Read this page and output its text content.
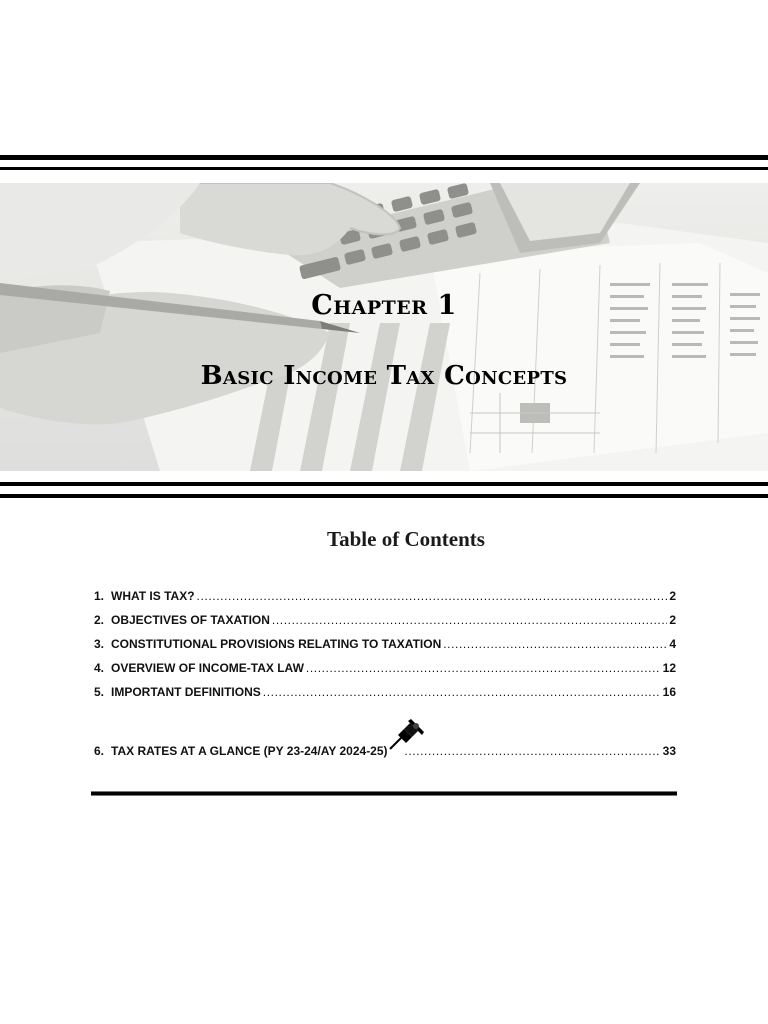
Chapter 1
Basic Income Tax Concepts
Table of Contents
1. WHAT IS TAX? .....	2
2. OBJECTIVES OF TAXATION .....	2
3. CONSTITUTIONAL PROVISIONS RELATING TO TAXATION .....	4
4. OVERVIEW OF INCOME-TAX LAW .....	12
5. IMPORTANT DEFINITIONS .....	16
6. TAX RATES AT A GLANCE (PY 23-24/AY 2024-25) .....	33
